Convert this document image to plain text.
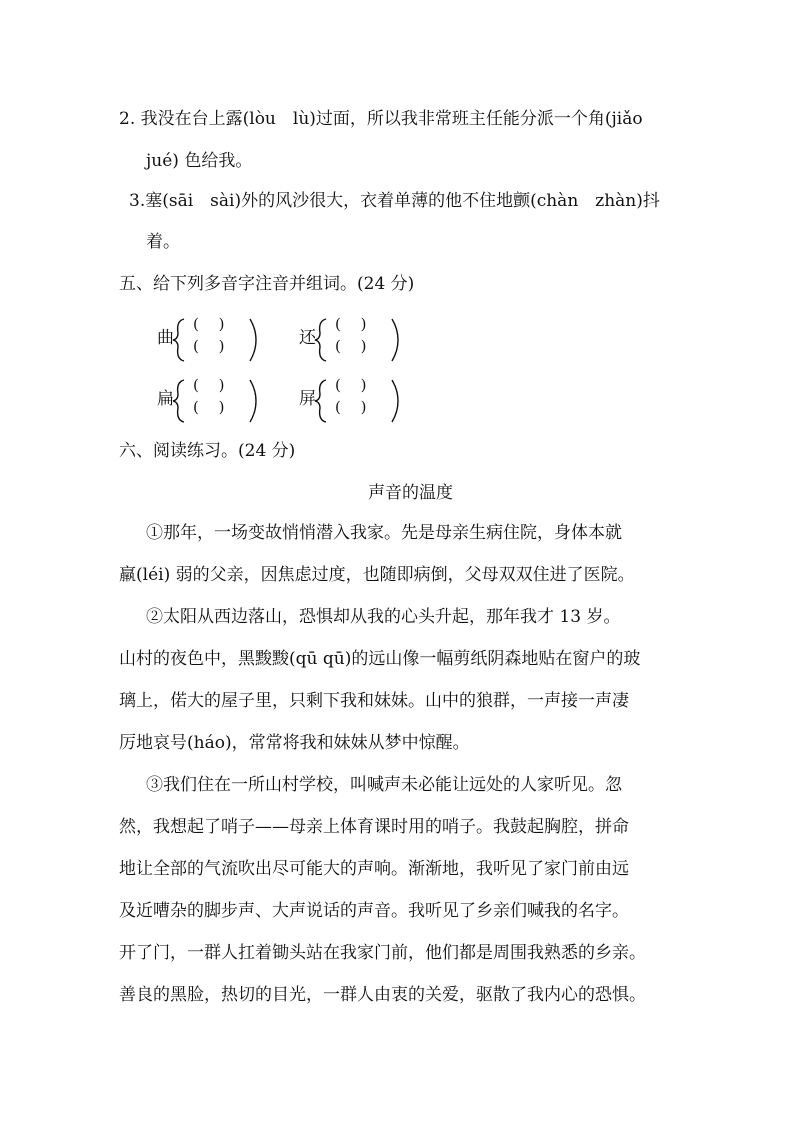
2. 我没在台上露(lòu　lù)过面，所以我非常班主任能分派一个角(jiǎo
jué) 色给我。
3.塞(sāi　sài)外的风沙很大，衣着单薄的他不住地颤(chàn　zhàn)抖
着。
五、给下列多音字注音并组词。(24 分)
曲
(　 )
(　 )	还
(　 )
(　 )
扁
(　 )
(　 )	屏
(　 )
(　 )
六、阅读练习。(24 分)
声音的温度
①那年，一场变故悄悄潜入我家。先是母亲生病住院，身体本就
羸(léi) 弱的父亲，因焦虑过度，也随即病倒，父母双双住进了医院。
②太阳从西边落山，恐惧却从我的心头升起，那年我才 13 岁。
山村的夜色中，黑黢黢(qū qū)的远山像一幅剪纸阴森地贴在窗户的玻
璃上，偌大的屋子里，只剩下我和妹妹。山中的狼群，一声接一声凄
厉地哀号(háo)，常常将我和妹妹从梦中惊醒。
③我们住在一所山村学校，叫喊声未必能让远处的人家听见。忽
然，我想起了哨子——母亲上体育课时用的哨子。我鼓起胸腔，拼命
地让全部的气流吹出尽可能大的声响。渐渐地，我听见了家门前由远
及近嘈杂的脚步声、大声说话的声音。我听见了乡亲们喊我的名字。
开了门，一群人扛着锄头站在我家门前，他们都是周围我熟悉的乡亲。
善良的黑脸，热切的目光，一群人由衷的关爱，驱散了我内心的恐惧。
